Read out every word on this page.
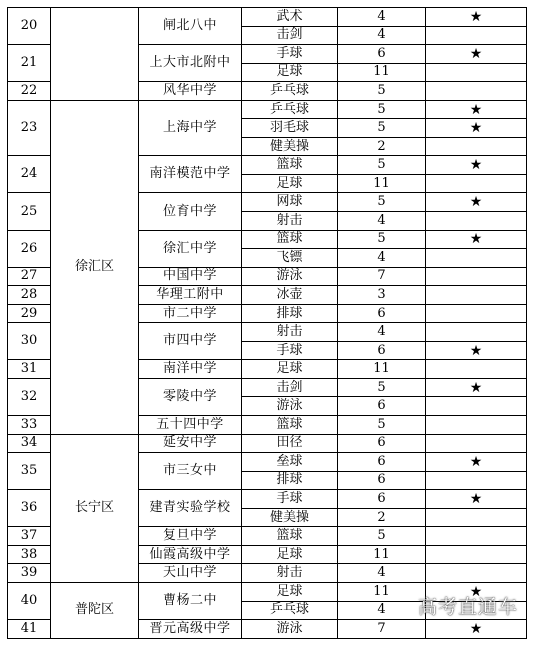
20		闸北八中	武术	4	★
			击剑	4	
21		上大市北附中	手球	6	★
			足球	11	
22		风华中学	乒乓球	5	
23	徐汇区	上海中学	乒乓球	5	★
			羽毛球	5	★
			健美操	2	
24		南洋模范中学	篮球	5	★
			足球	11	
25		位育中学	网球	5	★
			射击	4	
26		徐汇中学	篮球	5	★
			飞镖	4	
27		中国中学	游泳	7	
28		华理工附中	冰壶	3	
29		市二中学	排球	6	
30		市四中学	射击	4	
			手球	6	★
31		南洋中学	足球	11	
32		零陵中学	击剑	5	★
			游泳	6	
33		五十四中学	篮球	5	
34	长宁区	延安中学	田径	6	
35		市三女中	垒球	6	★
			排球	6	
36		建青实验学校	手球	6	★
			健美操	2	
37		复旦中学	篮球	5	
38		仙霞高级中学	足球	11	
39		天山中学	射击	4	
40	普陀区	曹杨二中	足球	11	★
			乒乓球	4	
41		晋元高级中学	游泳	7	★
高考直通车
